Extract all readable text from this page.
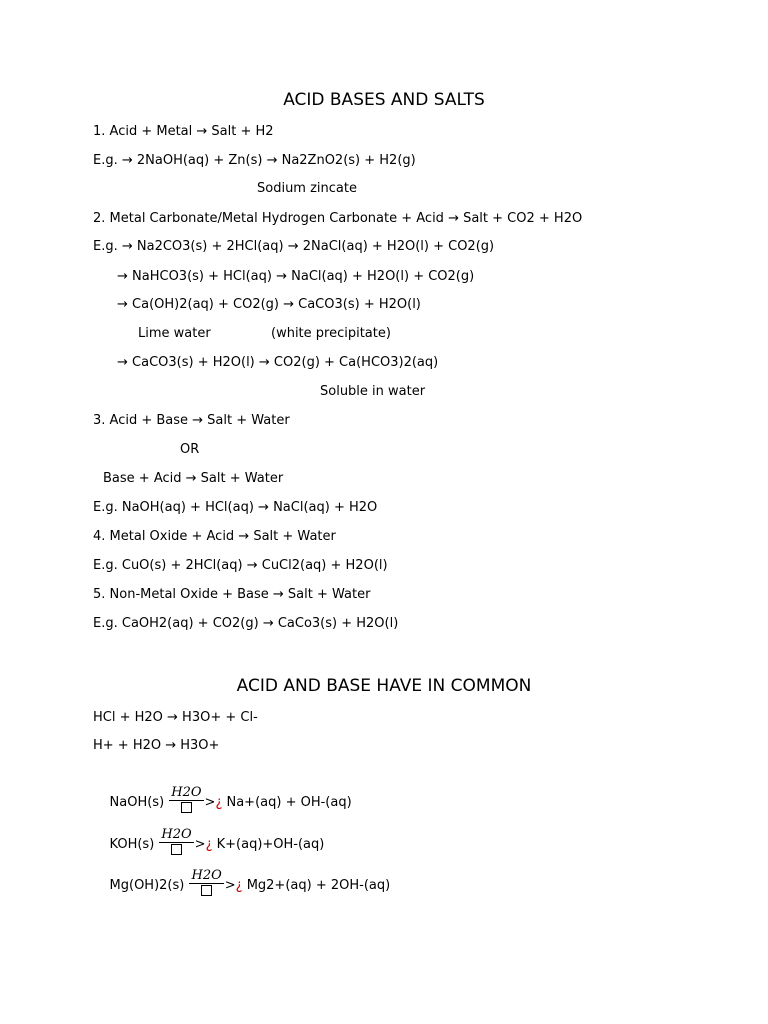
ACID BASES AND SALTS
1. Acid + Metal → Salt + H2
E.g. → 2NaOH(aq) + Zn(s) → Na2ZnO2(s) + H2(g)
Sodium zincate
2. Metal Carbonate/Metal Hydrogen Carbonate + Acid → Salt + CO2 + H2O
E.g. → Na2CO3(s) + 2HCl(aq) → 2NaCl(aq) + H2O(l) + CO2(g)
→ NaHCO3(s) + HCl(aq) → NaCl(aq) + H2O(l) + CO2(g)
→ Ca(OH)2(aq) + CO2(g) → CaCO3(s) + H2O(l)
Lime water	(white precipitate)
→ CaCO3(s) + H2O(l) → CO2(g) + Ca(HCO3)2(aq)
Soluble in water
3. Acid + Base → Salt + Water
OR
Base + Acid → Salt + Water
E.g. NaOH(aq) + HCl(aq) → NaCl(aq) + H2O
4. Metal Oxide + Acid → Salt + Water
E.g. CuO(s) + 2HCl(aq) → CuCl2(aq) + H2O(l)
5. Non-Metal Oxide + Base → Salt + Water
E.g. CaOH2(aq) + CO2(g) → CaCo3(s) + H2O(l)
ACID AND BASE HAVE IN COMMON
HCl + H2O → H3O+ + Cl-
H+ + H2O → H3O+

NaOH(s)
H2O
>¿ Na+(aq) + OH-(aq)

KOH(s)
H2O
>¿ K+(aq)+OH-(aq)

Mg(OH)2(s)
H2O
>¿ Mg2+(aq) + 2OH-(aq)
